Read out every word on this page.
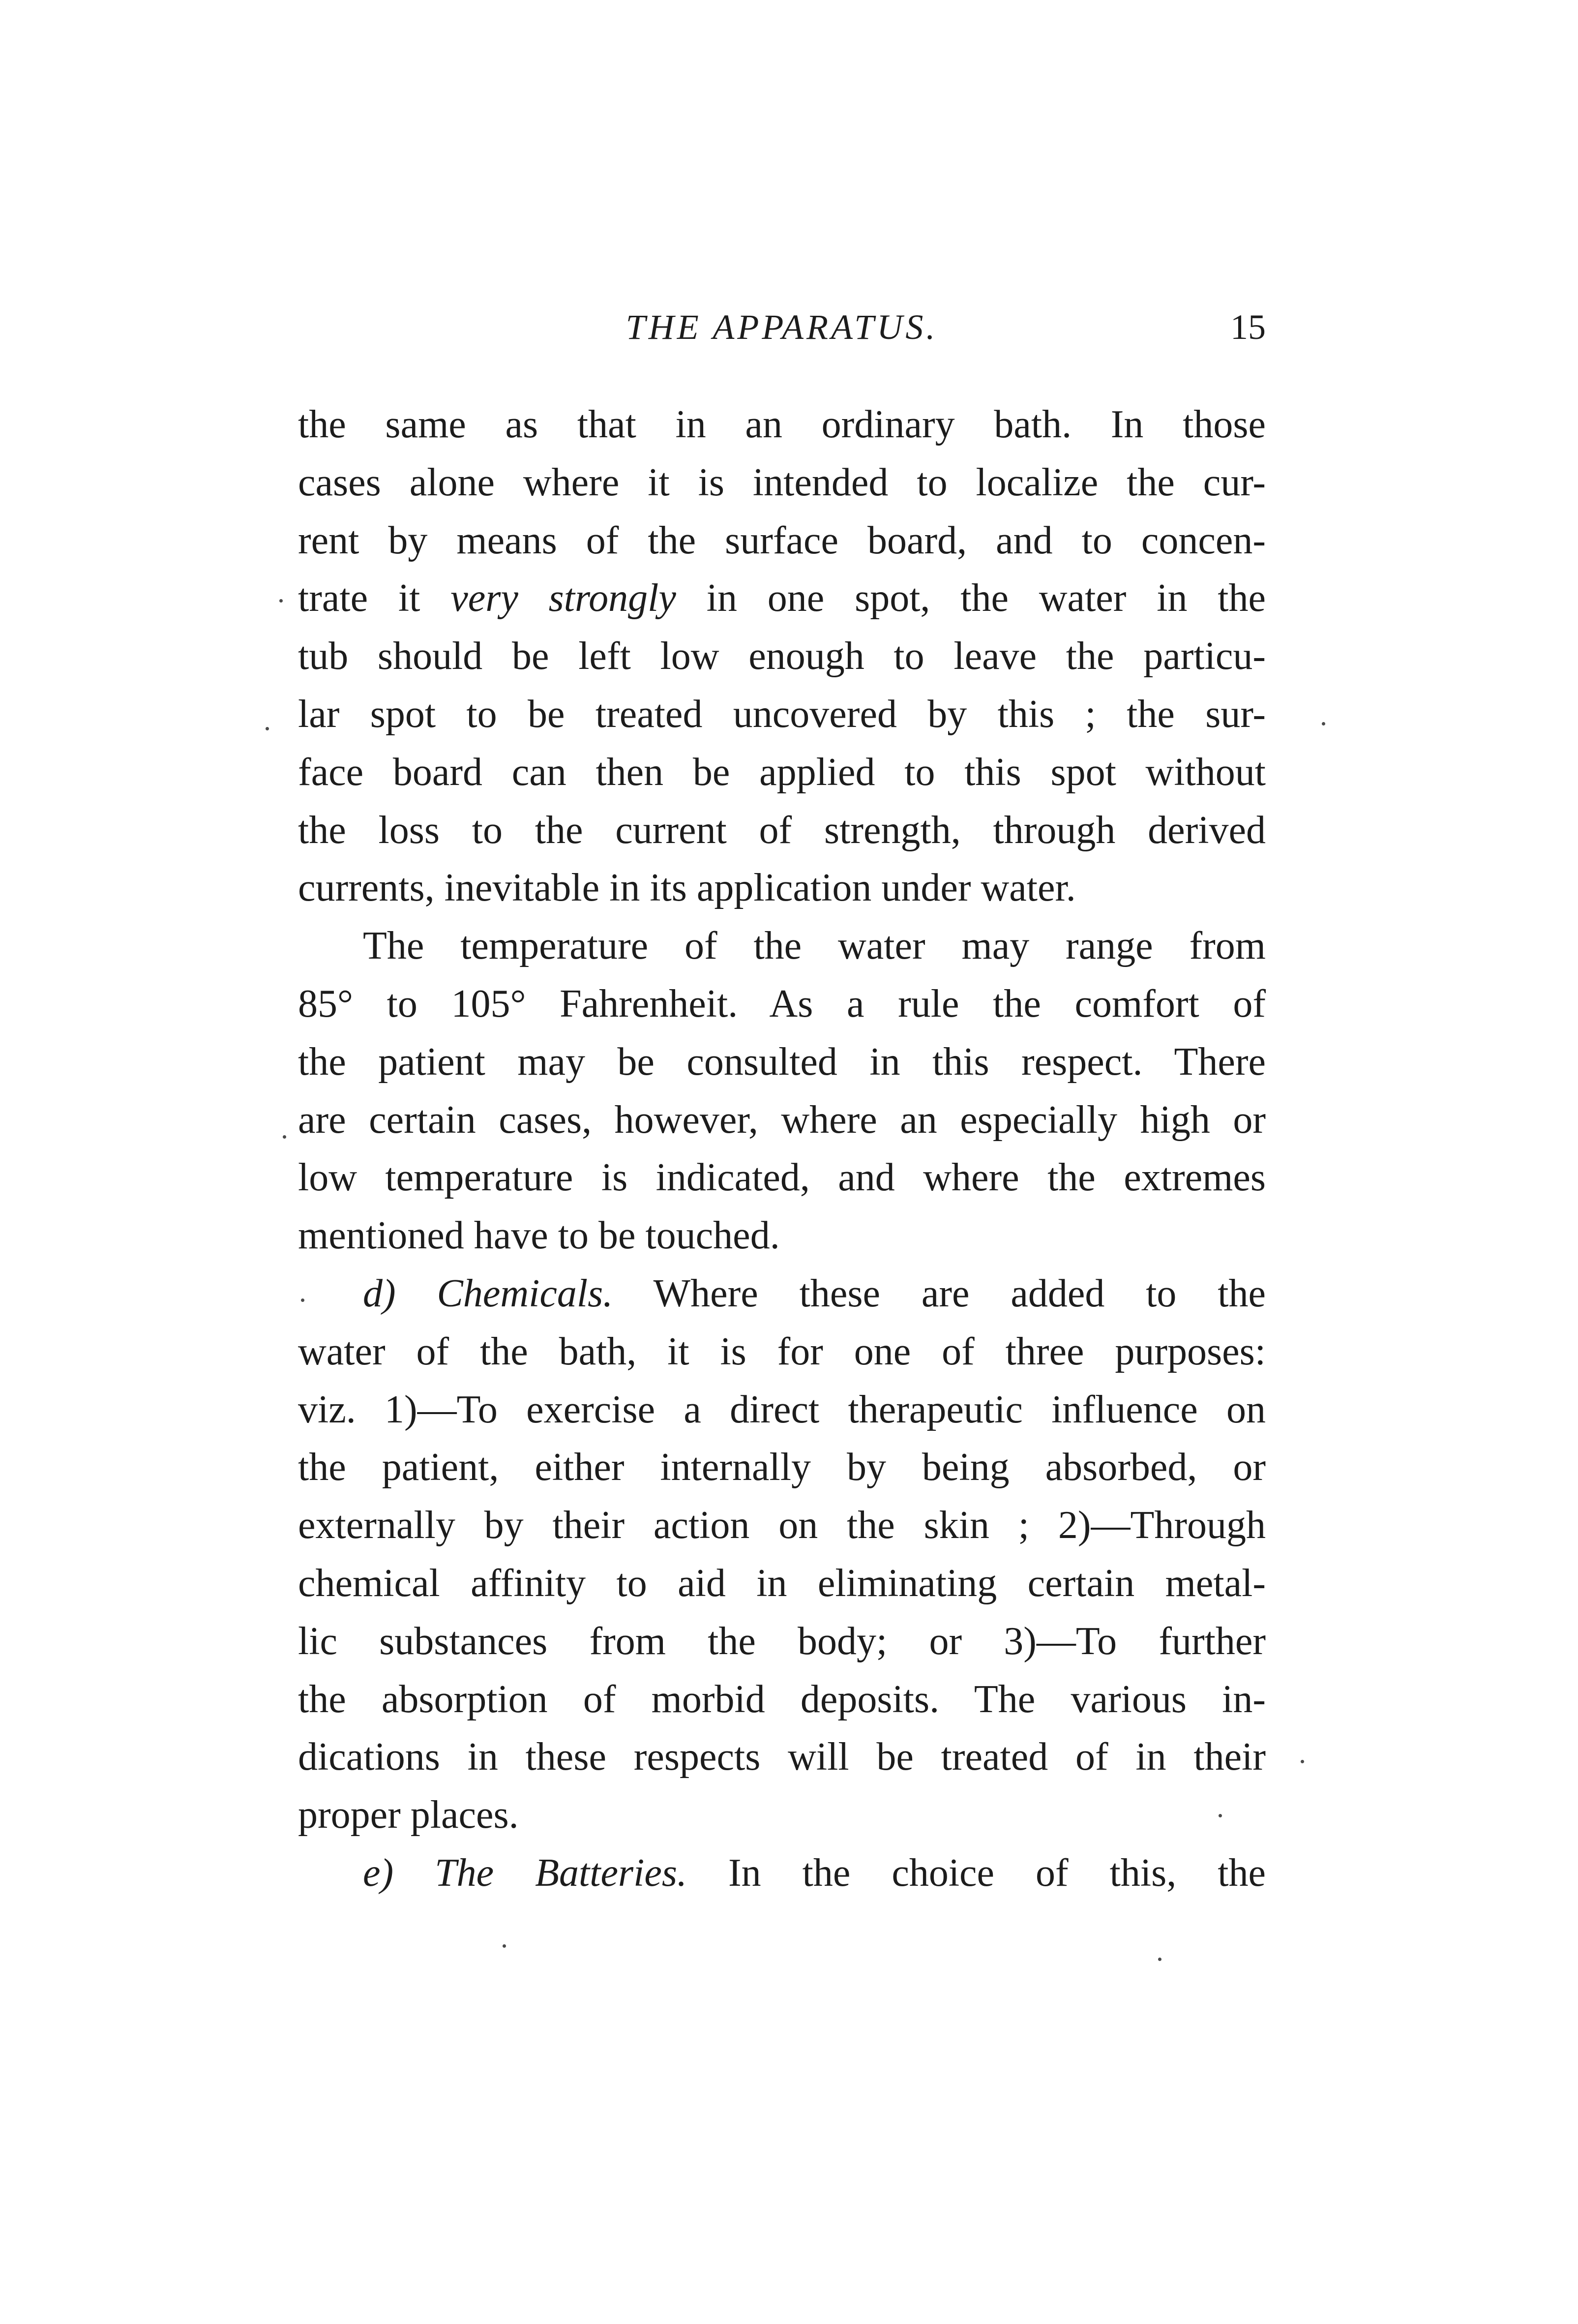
THE APPARATUS.	15
the same as that in an ordinary bath. In those
cases alone where it is intended to localize the cur-
rent by means of the surface board, and to concen-
trate it very strongly in one spot, the water in the
tub should be left low enough to leave the particu-
lar spot to be treated uncovered by this ; the sur-
face board can then be applied to this spot without
the loss to the current of strength, through derived
currents, inevitable in its application under water.
The temperature of the water may range from
85° to 105° Fahrenheit. As a rule the comfort of
the patient may be consulted in this respect. There
are certain cases, however, where an especially high or
low temperature is indicated, and where the extremes
mentioned have to be touched.
d) Chemicals. Where these are added to the
water of the bath, it is for one of three purposes:
viz. 1)—To exercise a direct therapeutic influence on
the patient, either internally by being absorbed, or
externally by their action on the skin ; 2)—Through
chemical affinity to aid in eliminating certain metal-
lic substances from the body; or 3)—To further
the absorption of morbid deposits. The various in-
dications in these respects will be treated of in their
proper places.
e) The Batteries. In the choice of this, the
